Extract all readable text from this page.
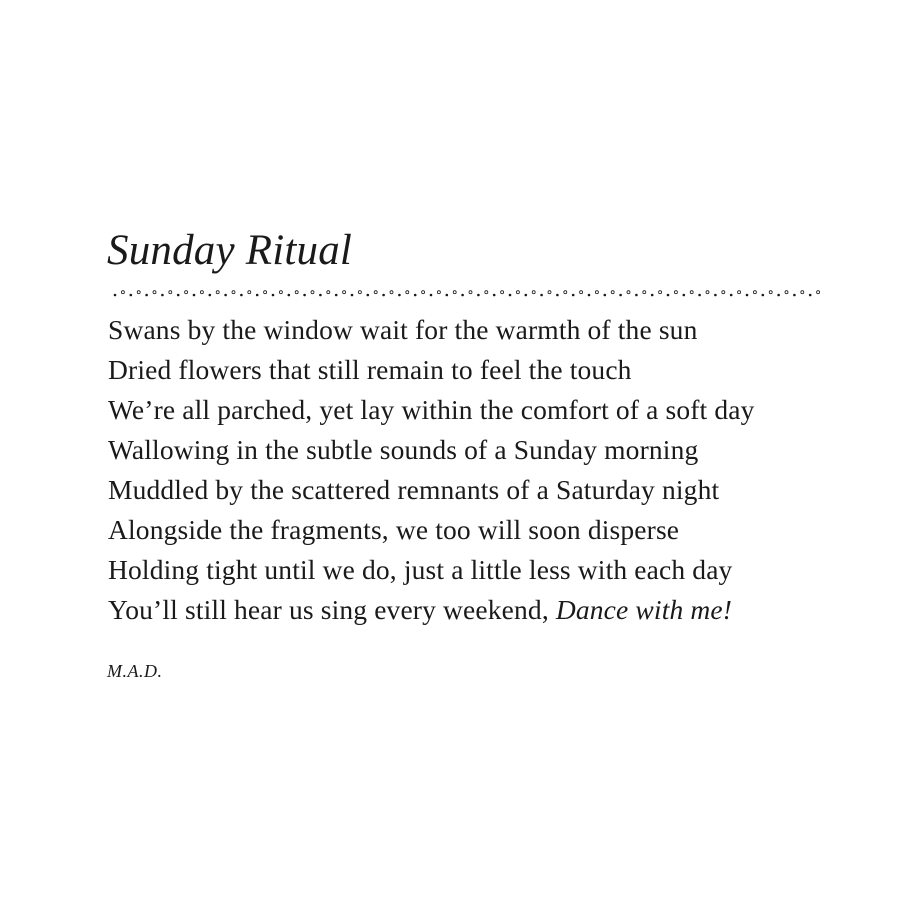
Sunday Ritual
Swans by the window wait for the warmth of the sun
Dried flowers that still remain to feel the touch
We’re all parched, yet lay within the comfort of a soft day
Wallowing in the subtle sounds of a Sunday morning
Muddled by the scattered remnants of a Saturday night
Alongside the fragments, we too will soon disperse
Holding tight until we do, just a little less with each day
You’ll still hear us sing every weekend, Dance with me!
M.A.D.
